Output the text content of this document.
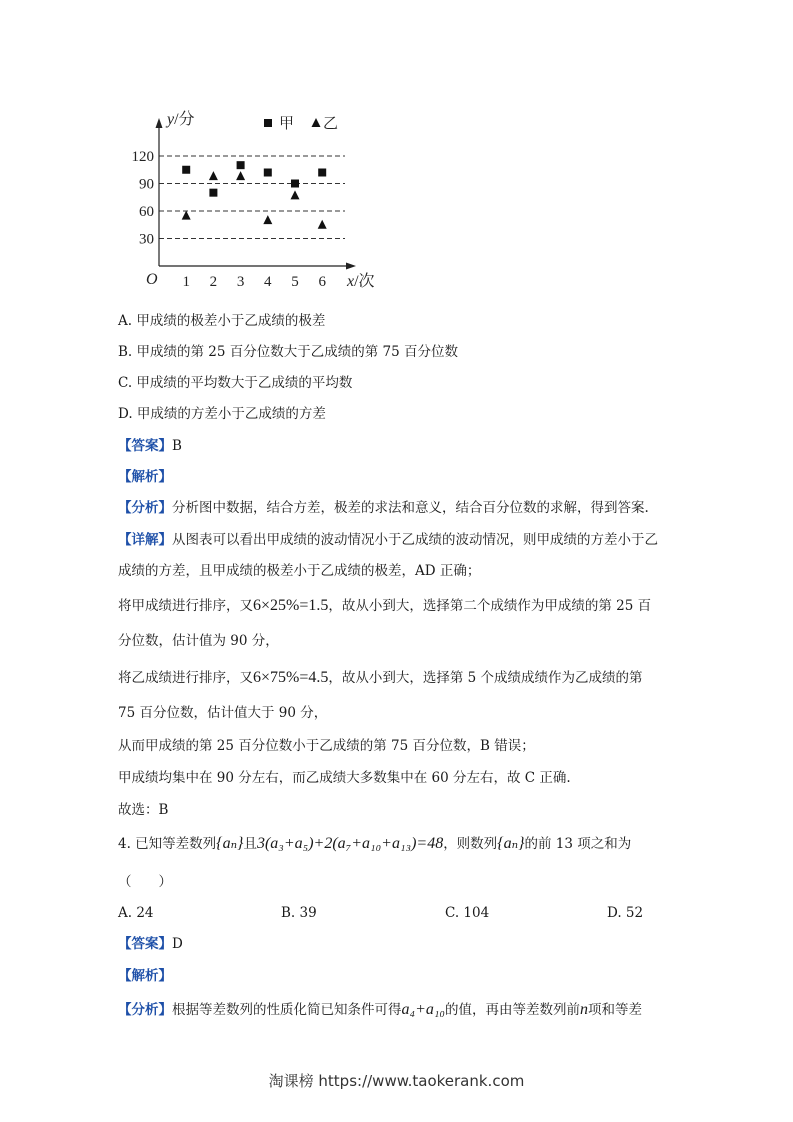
y/分
x/次
O
30
60
90
120
1 2 3 4 5 6
甲 乙
A. 甲成绩的极差小于乙成绩的极差
B. 甲成绩的第 25 百分位数大于乙成绩的第 75 百分位数
C. 甲成绩的平均数大于乙成绩的平均数
D. 甲成绩的方差小于乙成绩的方差
【答案】B
【解析】
【分析】分析图中数据，结合方差，极差的求法和意义，结合百分位数的求解，得到答案.
【详解】从图表可以看出甲成绩的波动情况小于乙成绩的波动情况，则甲成绩的方差小于乙
成绩的方差，且甲成绩的极差小于乙成绩的极差，AD 正确；
将甲成绩进行排序，又6×25%=1.5，故从小到大，选择第二个成绩作为甲成绩的第 25 百
分位数，估计值为 90 分，
将乙成绩进行排序，又6×75%=4.5，故从小到大，选择第 5 个成绩成绩作为乙成绩的第
75 百分位数，估计值大于 90 分，
从而甲成绩的第 25 百分位数小于乙成绩的第 75 百分位数，B 错误；
甲成绩均集中在 90 分左右，而乙成绩大多数集中在 60 分左右，故 C 正确.
故选：B
4. 已知等差数列{aₙ}且3(a₃+a₅)+2(a₇+a₁₀+a₁₃)=48，则数列{aₙ}的前 13 项之和为
（　　）
A. 24	B. 39	C. 104	D. 52
【答案】D
【解析】
【分析】根据等差数列的性质化简已知条件可得a₄+a₁₀的值，再由等差数列前n项和等差
淘课榜 https://www.taokerank.com
